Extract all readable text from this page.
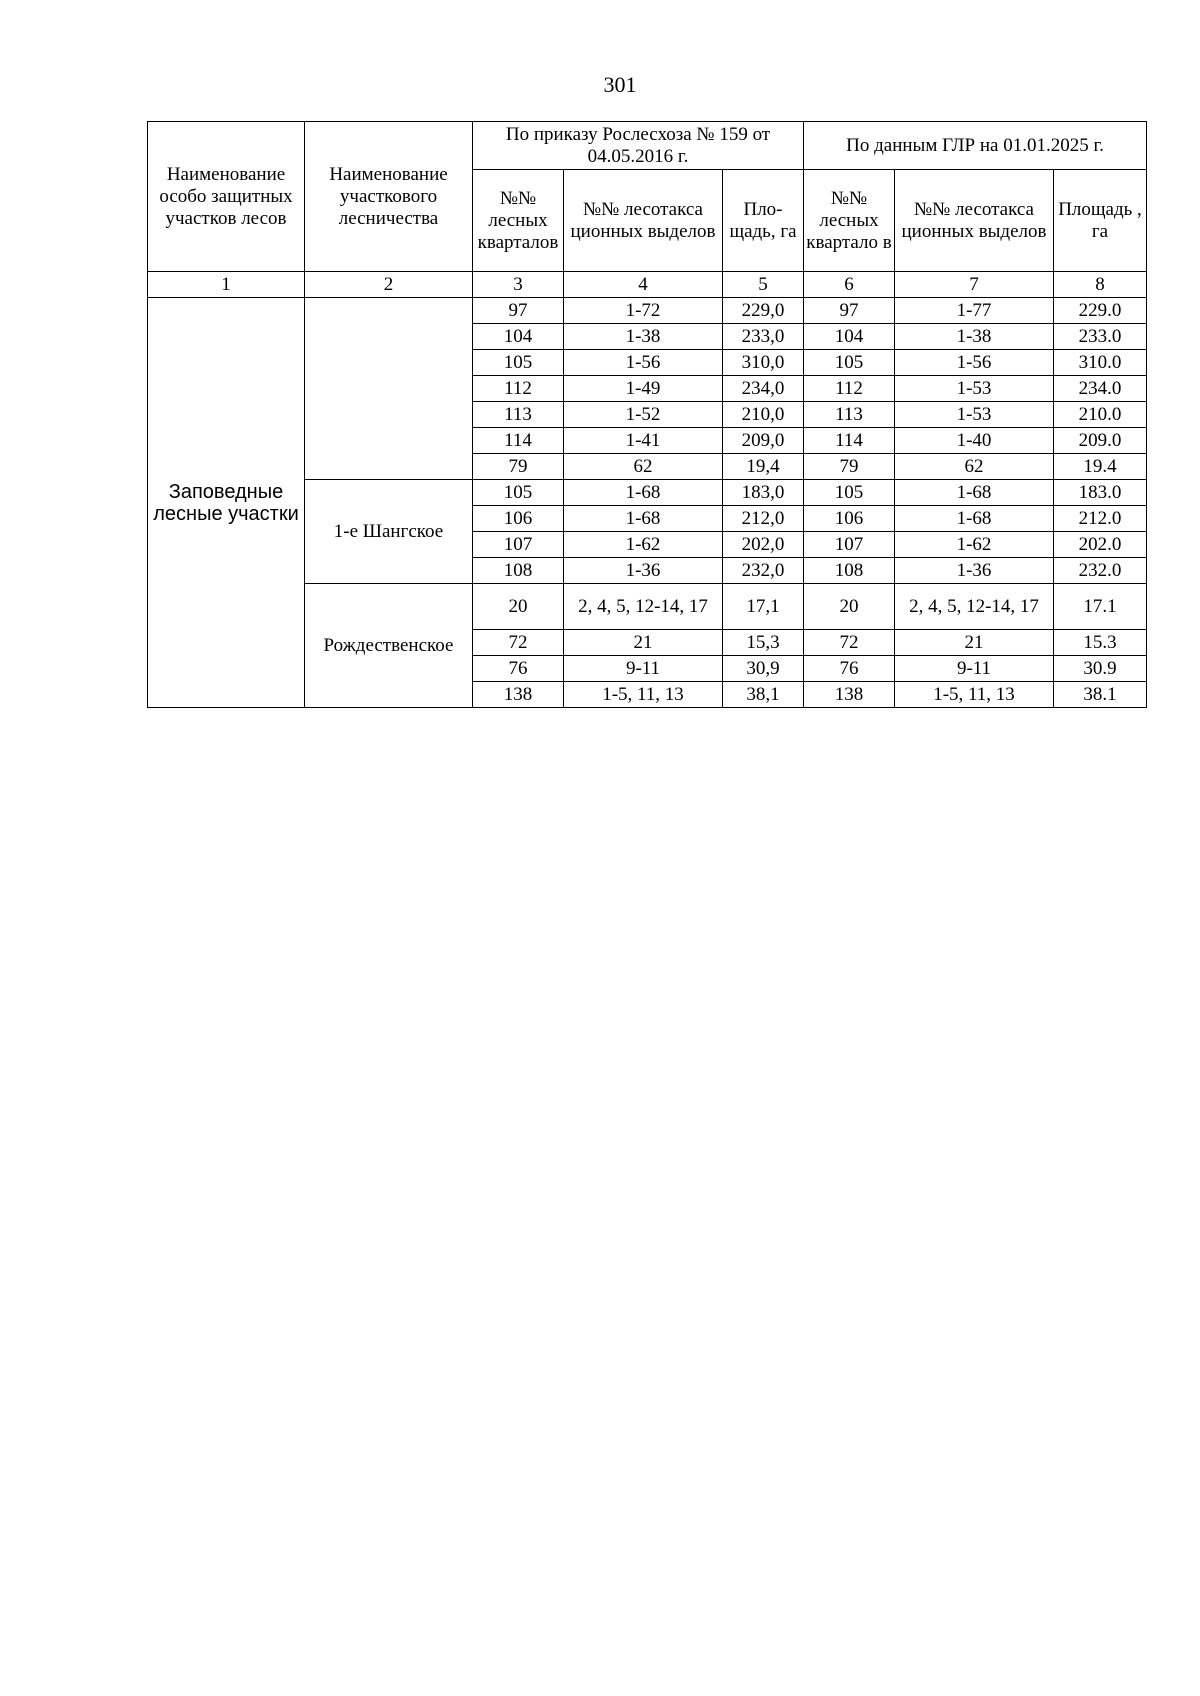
301
Наименование особо защитных участков лесов	Наименование участкового лесничества	По приказу Рослесхоза № 159 от 04.05.2016 г.			По данным ГЛР на 01.01.2025 г.		
		№№ лесных кварталов	№№ лесотакса ционных выделов	Пло-щадь, га	№№ лесных квартало в	№№ лесотакса ционных выделов	Площадь , га
1	2	3	4	5	6	7	8
Заповедные лесные участки		97	1-72	229,0	97	1-77	229.0
		104	1-38	233,0	104	1-38	233.0
		105	1-56	310,0	105	1-56	310.0
		112	1-49	234,0	112	1-53	234.0
		113	1-52	210,0	113	1-53	210.0
		114	1-41	209,0	114	1-40	209.0
		79	62	19,4	79	62	19.4
	1-е Шангское	105	1-68	183,0	105	1-68	183.0
		106	1-68	212,0	106	1-68	212.0
		107	1-62	202,0	107	1-62	202.0
		108	1-36	232,0	108	1-36	232.0
	Рождественское	20	2, 4, 5, 12-14, 17	17,1	20	2, 4, 5, 12-14, 17	17.1
		72	21	15,3	72	21	15.3
		76	9-11	30,9	76	9-11	30.9
		138	1-5, 11, 13	38,1	138	1-5, 11, 13	38.1
